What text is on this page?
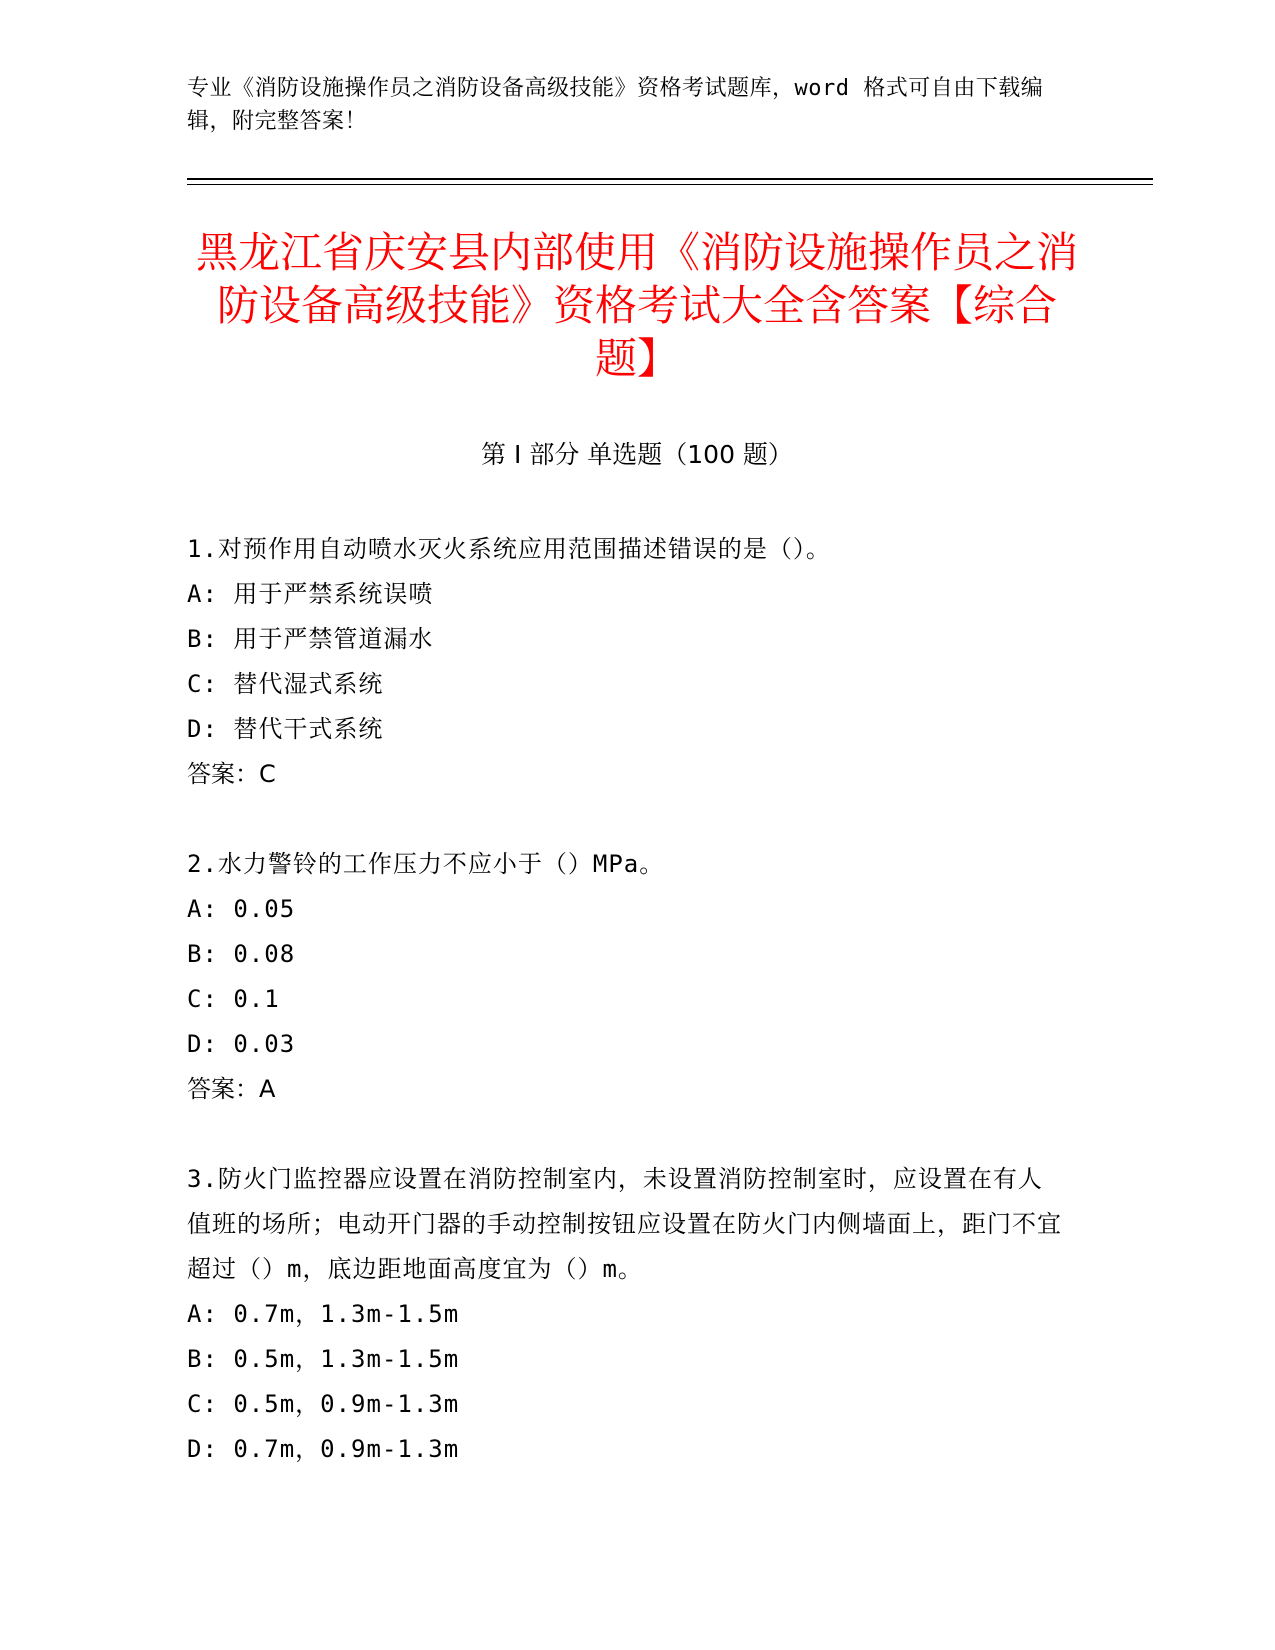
专业《消防设施操作员之消防设备高级技能》资格考试题库，word 格式可自由下载编辑，附完整答案！
黑龙江省庆安县内部使用《消防设施操作员之消防设备高级技能》资格考试大全含答案【综合题】
第 I 部分 单选题（100 题）
1.对预作用自动喷水灭火系统应用范围描述错误的是（）。
A: 用于严禁系统误喷
B: 用于严禁管道漏水
C: 替代湿式系统
D: 替代干式系统
答案：C
2.水力警铃的工作压力不应小于（）MPa。
A: 0.05
B: 0.08
C: 0.1
D: 0.03
答案：A
3.防火门监控器应设置在消防控制室内，未设置消防控制室时，应设置在有人值班的场所；电动开门器的手动控制按钮应设置在防火门内侧墙面上，距门不宜超过（）m，底边距地面高度宜为（）m。
A: 0.7m，1.3m-1.5m
B: 0.5m，1.3m-1.5m
C: 0.5m，0.9m-1.3m
D: 0.7m，0.9m-1.3m
